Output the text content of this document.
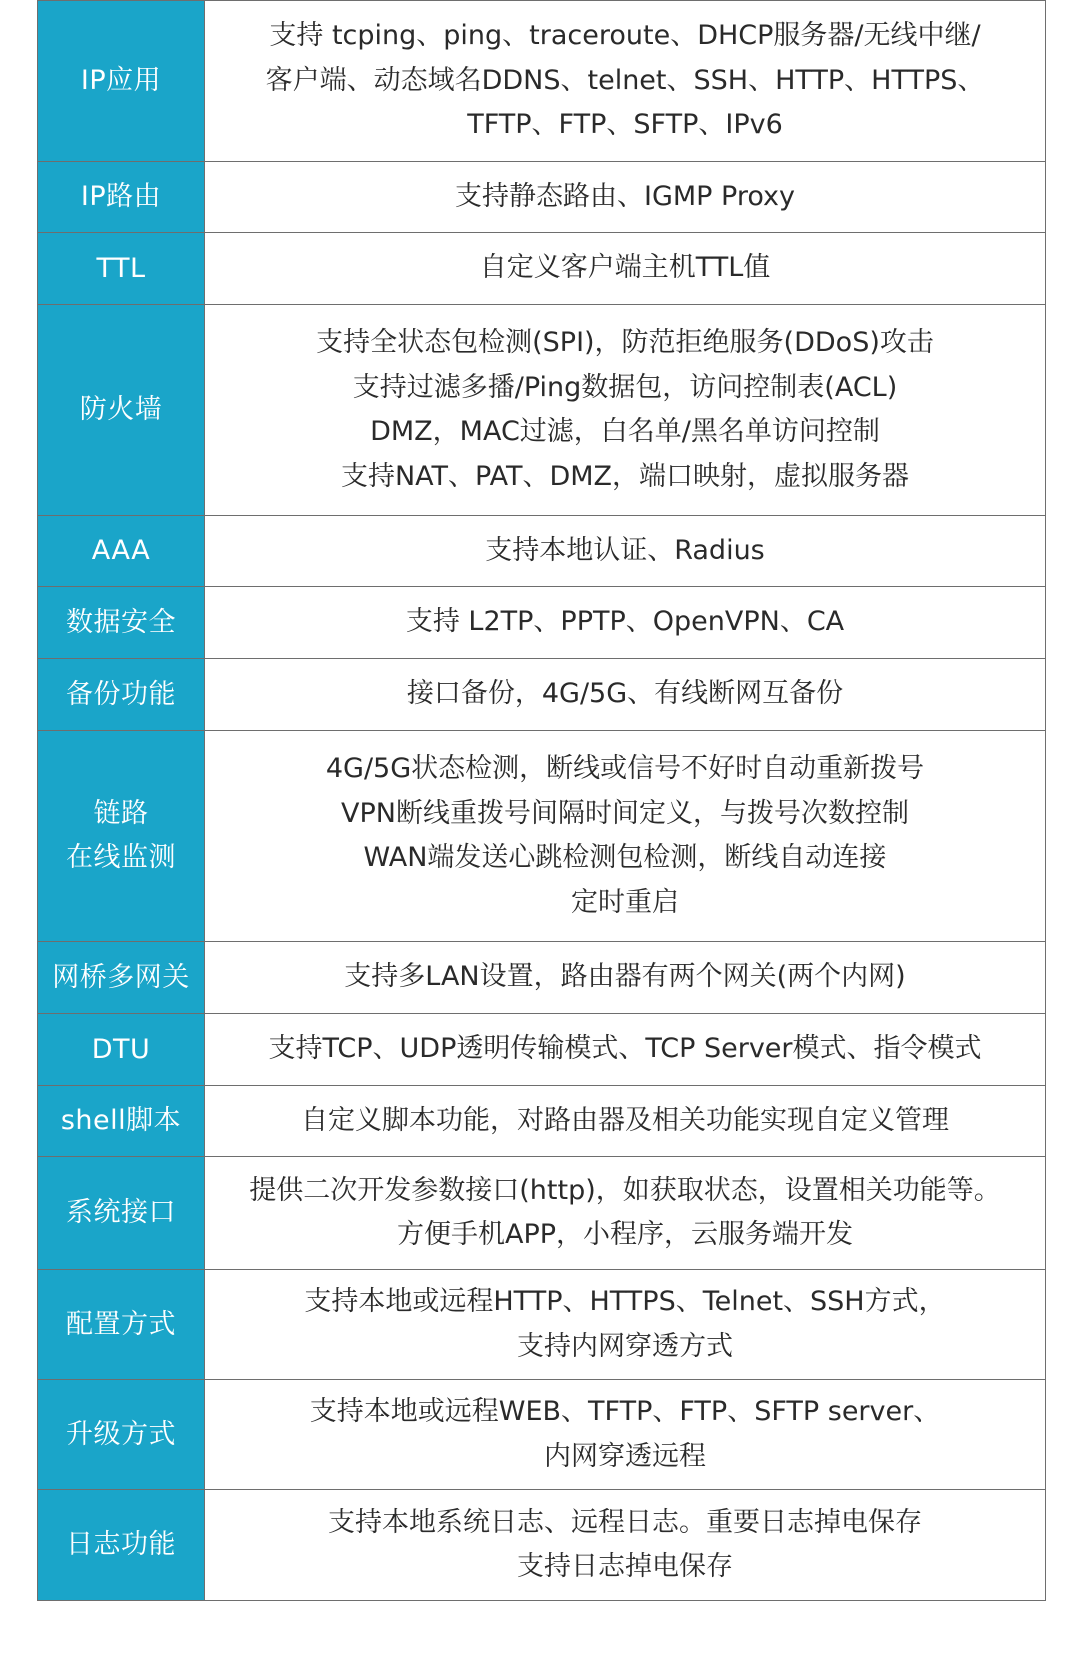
IP应用	支持 tcping、ping、traceroute、DHCP服务器/无线中继/
客户端、动态域名DDNS、telnet、SSH、HTTP、HTTPS、
TFTP、FTP、SFTP、IPv6

IP路由	支持静态路由、IGMP Proxy

TTL	自定义客户端主机TTL值

防火墙	支持全状态包检测(SPI)，防范拒绝服务(DDoS)攻击
支持过滤多播/Ping数据包，访问控制表(ACL)
DMZ，MAC过滤，白名单/黑名单访问控制
支持NAT、PAT、DMZ，端口映射，虚拟服务器

AAA	支持本地认证、Radius

数据安全	支持 L2TP、PPTP、OpenVPN、CA

备份功能	接口备份，4G/5G、有线断网互备份

链路
在线监测	4G/5G状态检测，断线或信号不好时自动重新拨号
VPN断线重拨号间隔时间定义，与拨号次数控制
WAN端发送心跳检测包检测，断线自动连接
定时重启

网桥多网关	支持多LAN设置，路由器有两个网关(两个内网)

DTU	支持TCP、UDP透明传输模式、TCP Server模式、指令模式

shell脚本	自定义脚本功能，对路由器及相关功能实现自定义管理

系统接口	提供二次开发参数接口(http)，如获取状态，设置相关功能等。
方便手机APP，小程序，云服务端开发

配置方式	支持本地或远程HTTP、HTTPS、Telnet、SSH方式，
支持内网穿透方式

升级方式	支持本地或远程WEB、TFTP、FTP、SFTP server、
内网穿透远程

日志功能	支持本地系统日志、远程日志。重要日志掉电保存
支持日志掉电保存
